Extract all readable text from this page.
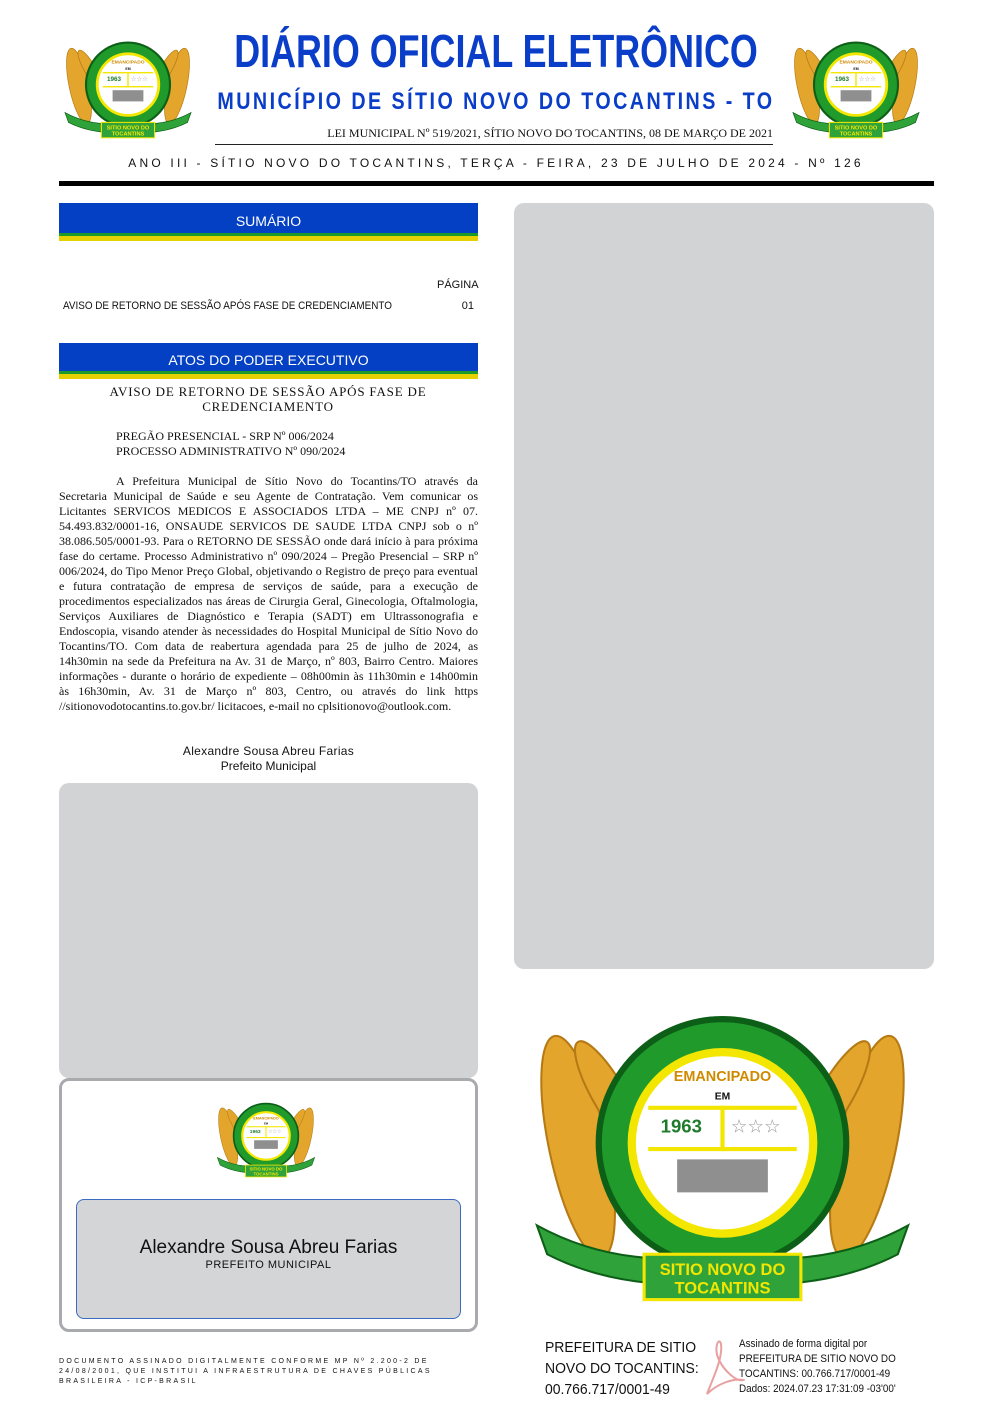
DIÁRIO OFICIAL ELETRÔNICO
MUNICÍPIO DE SÍTIO NOVO DO TOCANTINS - TO
LEI MUNICIPAL Nº 519/2021, SÍTIO NOVO DO TOCANTINS, 08 DE MARÇO DE 2021
ANO III - SÍTIO NOVO DO TOCANTINS, TERÇA - FEIRA, 23 DE JULHO DE 2024 - Nº 126
SUMÁRIO
PÁGINA
AVISO DE RETORNO DE SESSÃO APÓS FASE DE CREDENCIAMENTO	01
ATOS DO PODER EXECUTIVO
AVISO DE RETORNO DE SESSÃO APÓS FASE DE CREDENCIAMENTO
PREGÃO PRESENCIAL - SRP Nº 006/2024
PROCESSO ADMINISTRATIVO Nº 090/2024
A Prefeitura Municipal de Sítio Novo do Tocantins/TO através da Secretaria Municipal de Saúde e seu Agente de Contratação. Vem comunicar os Licitantes SERVICOS MEDICOS E ASSOCIADOS LTDA – ME CNPJ nº 07. 54.493.832/0001-16, ONSAUDE SERVICOS DE SAUDE LTDA CNPJ sob o nº 38.086.505/0001-93. Para o RETORNO DE SESSÃO onde dará início à para próxima fase do certame. Processo Administrativo nº 090/2024 – Pregão Presencial – SRP nº 006/2024, do Tipo Menor Preço Global, objetivando o Registro de preço para eventual e futura contratação de empresa de serviços de saúde, para a execução de procedimentos especializados nas áreas de Cirurgia Geral, Ginecologia, Oftalmologia, Serviços Auxiliares de Diagnóstico e Terapia (SADT) em Ultrassonografia e Endoscopia, visando atender às necessidades do Hospital Municipal de Sítio Novo do Tocantins/TO. Com data de reabertura agendada para 25 de julho de 2024, as 14h30min na sede da Prefeitura na Av. 31 de Março, nº 803, Bairro Centro. Maiores informações - durante o horário de expediente – 08h00min às 11h30min e 14h00min às 16h30min, Av. 31 de Março nº 803, Centro, ou através do link https //sitionovodotocantins.to.gov.br/ licitacoes, e-mail no cplsitionovo@outlook.com.
Alexandre Sousa Abreu Farias
Prefeito Municipal
Alexandre Sousa Abreu Farias
PREFEITO MUNICIPAL
DOCUMENTO ASSINADO DIGITALMENTE CONFORME MP Nº 2.200-2 DE 24/08/2001, QUE INSTITUI A INFRAESTRUTURA DE CHAVES PÚBLICAS BRASILEIRA - ICP-BRASIL
PREFEITURA DE SITIO
NOVO DO TOCANTINS:
00.766.717/0001-49
Assinado de forma digital por
PREFEITURA DE SITIO NOVO DO
TOCANTINS: 00.766.717/0001-49
Dados: 2024.07.23 17:31:09 -03'00'
